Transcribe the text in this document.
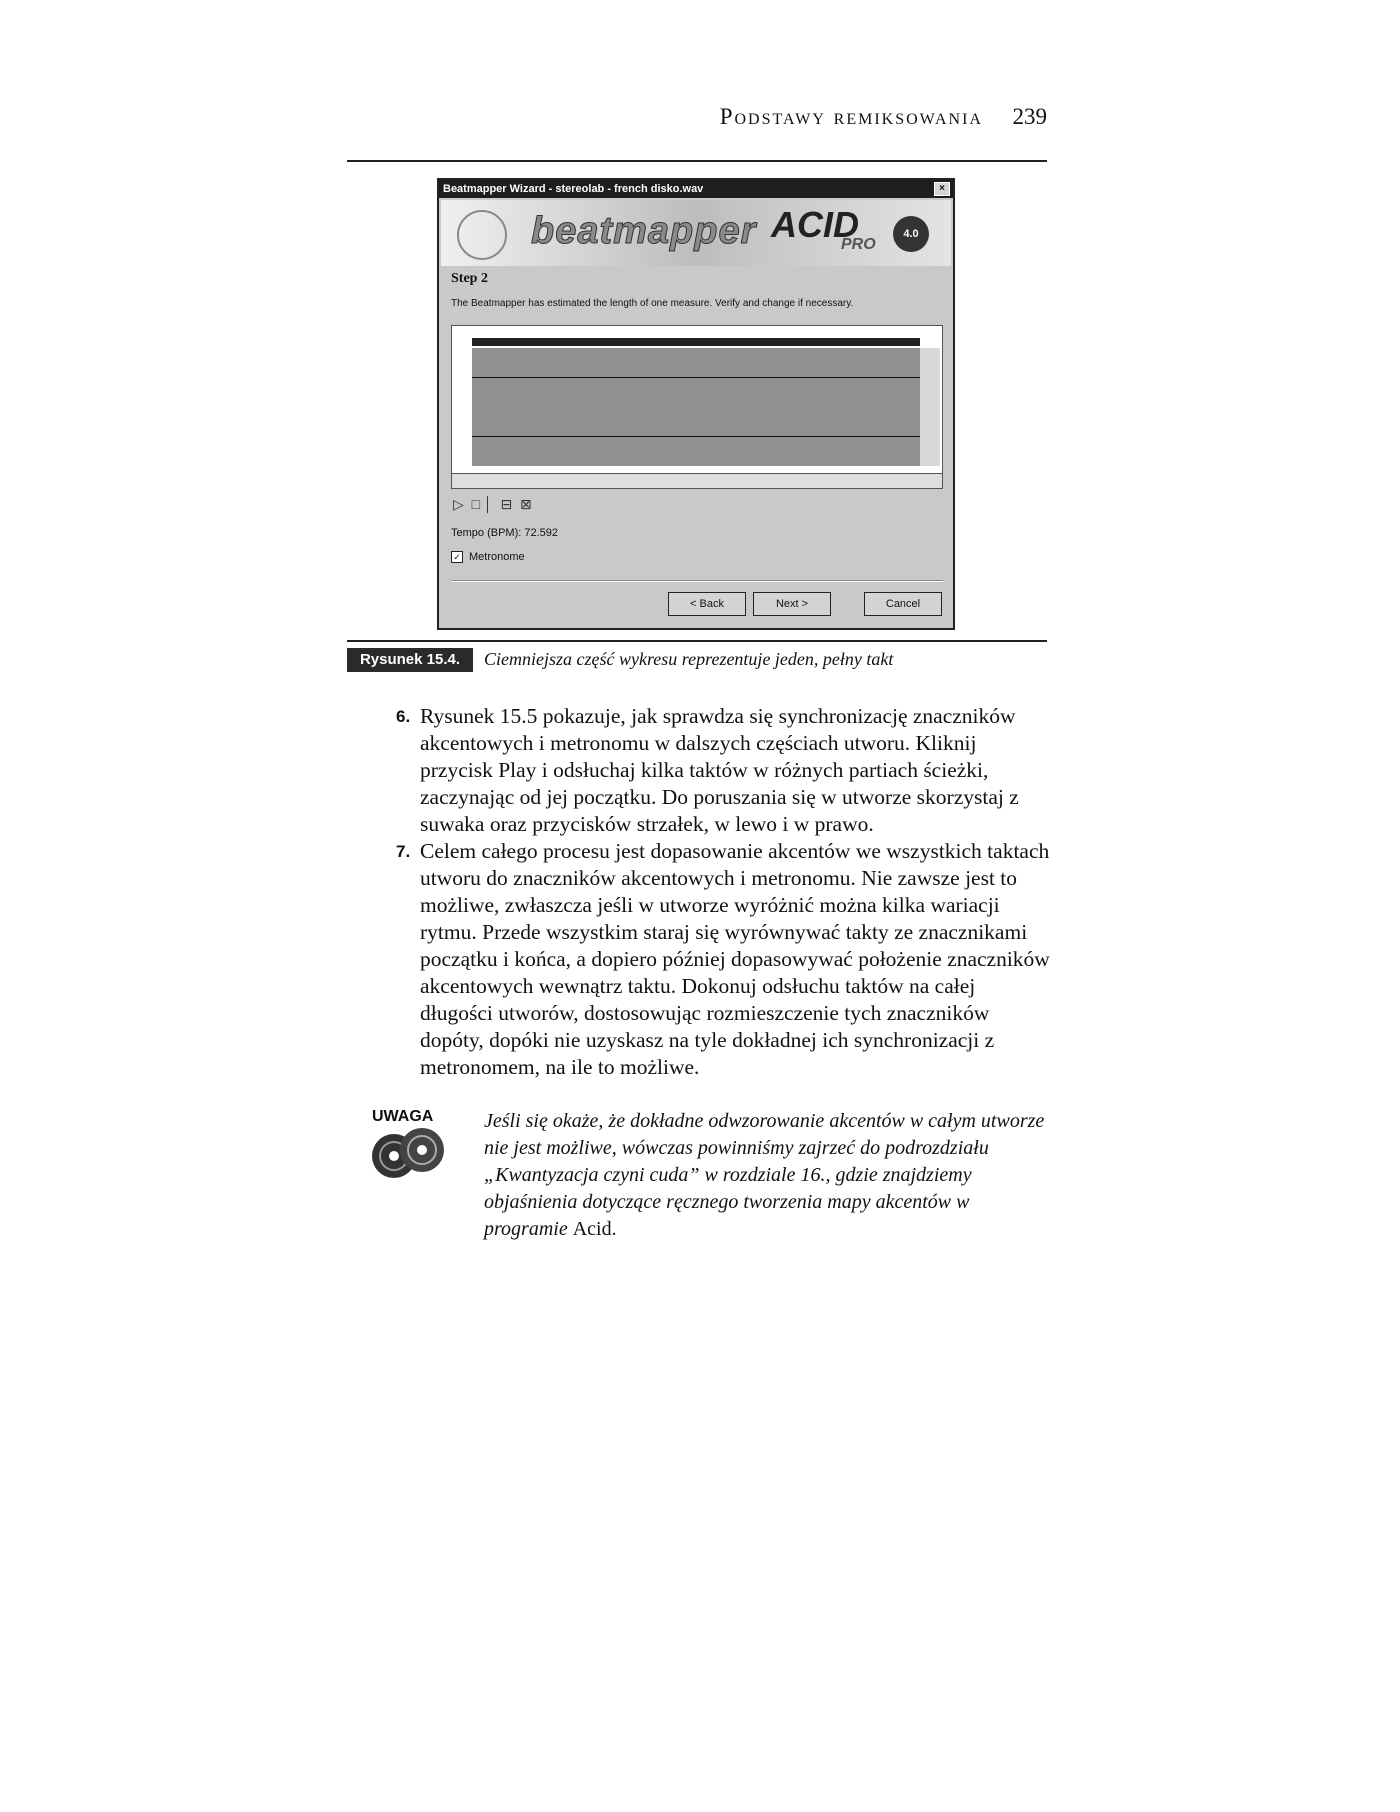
Podstawy remiksowania 239
Beatmapper Wizard - stereolab - french disko.wav	×
beatmapper ACID
PRO
4.0
Step 2
The Beatmapper has estimated the length of one measure. Verify and change if necessary.
▷ □ │  ⊟ ⊠
Tempo (BPM): 72.592
✓ Metronome
< Back	Next >	Cancel
Rysunek 15.4.	Ciemniejsza część wykresu reprezentuje jeden, pełny takt
6. Rysunek 15.5 pokazuje, jak sprawdza się synchronizację znaczników akcentowych i metronomu w dalszych częściach utworu. Kliknij przycisk Play i odsłuchaj kilka taktów w różnych partiach ścieżki, zaczynając od jej początku. Do poruszania się w utworze skorzystaj z suwaka oraz przycisków strzałek, w lewo i w prawo.
7. Celem całego procesu jest dopasowanie akcentów we wszystkich taktach utworu do znaczników akcentowych i metronomu. Nie zawsze jest to możliwe, zwłaszcza jeśli w utworze wyróżnić można kilka wariacji rytmu. Przede wszystkim staraj się wyrównywać takty ze znacznikami początku i końca, a dopiero później dopasowywać położenie znaczników akcentowych wewnątrz taktu. Dokonuj odsłuchu taktów na całej długości utworów, dostosowując rozmieszczenie tych znaczników dopóty, dopóki nie uzyskasz na tyle dokładnej ich synchronizacji z metronomem, na ile to możliwe.
UWAGA	Jeśli się okaże, że dokładne odwzorowanie akcentów w całym utworze nie jest możliwe, wówczas powinniśmy zajrzeć do podrozdziału „Kwantyzacja czyni cuda” w rozdziale 16., gdzie znajdziemy objaśnienia dotyczące ręcznego tworzenia mapy akcentów w programie Acid.
